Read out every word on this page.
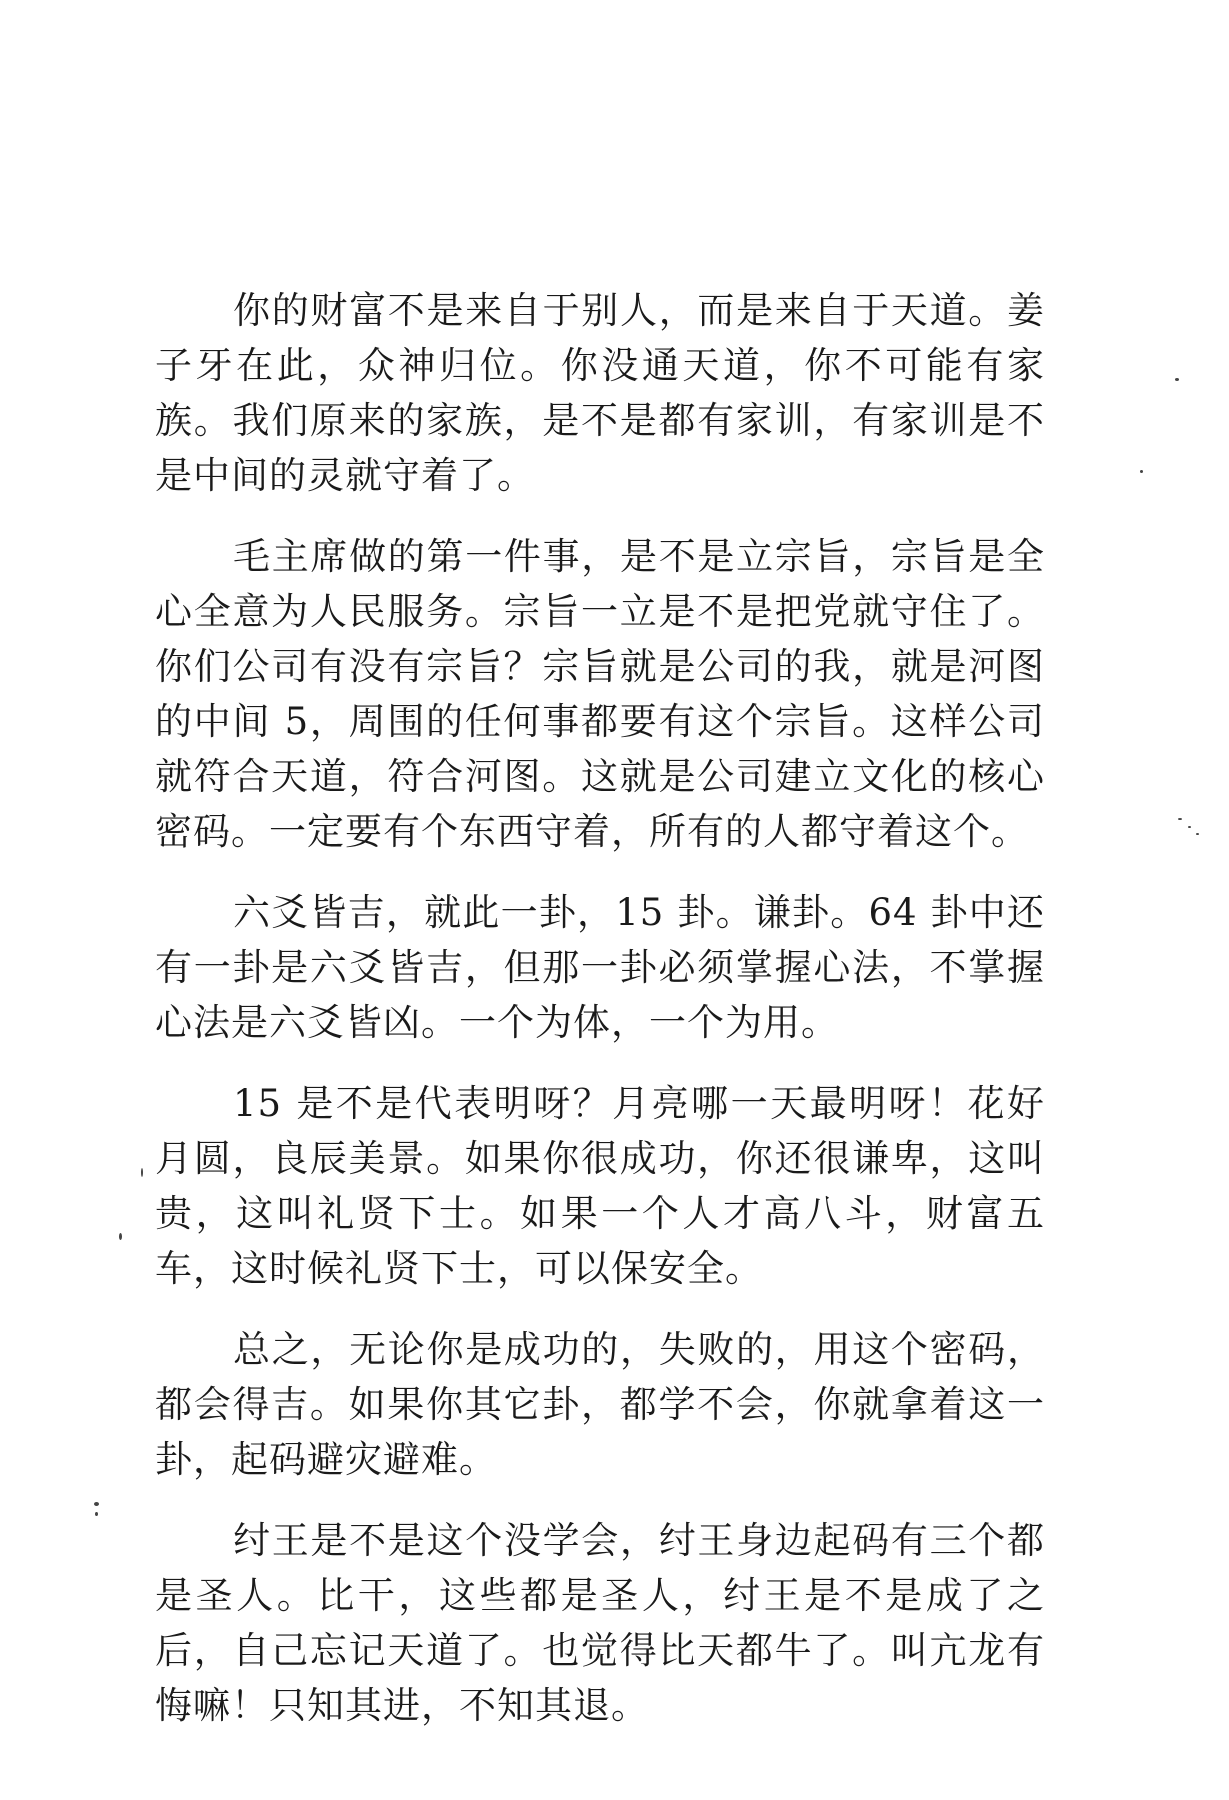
你的财富不是来自于别人，而是来自于天道。姜子牙在此，众神归位。你没通天道，你不可能有家族。我们原来的家族，是不是都有家训，有家训是不是中间的灵就守着了。

毛主席做的第一件事，是不是立宗旨，宗旨是全心全意为人民服务。宗旨一立是不是把党就守住了。你们公司有没有宗旨？宗旨就是公司的我，就是河图的中间 5，周围的任何事都要有这个宗旨。这样公司就符合天道，符合河图。这就是公司建立文化的核心密码。一定要有个东西守着，所有的人都守着这个。

六爻皆吉，就此一卦，15 卦。谦卦。64 卦中还有一卦是六爻皆吉，但那一卦必须掌握心法，不掌握心法是六爻皆凶。一个为体，一个为用。

15 是不是代表明呀？月亮哪一天最明呀！花好月圆，良辰美景。如果你很成功，你还很谦卑，这叫贵，这叫礼贤下士。如果一个人才高八斗，财富五车，这时候礼贤下士，可以保安全。

总之，无论你是成功的，失败的，用这个密码，都会得吉。如果你其它卦，都学不会，你就拿着这一卦，起码避灾避难。

纣王是不是这个没学会，纣王身边起码有三个都是圣人。比干，这些都是圣人，纣王是不是成了之后，自己忘记天道了。也觉得比天都牛了。叫亢龙有悔嘛！只知其进，不知其退。
